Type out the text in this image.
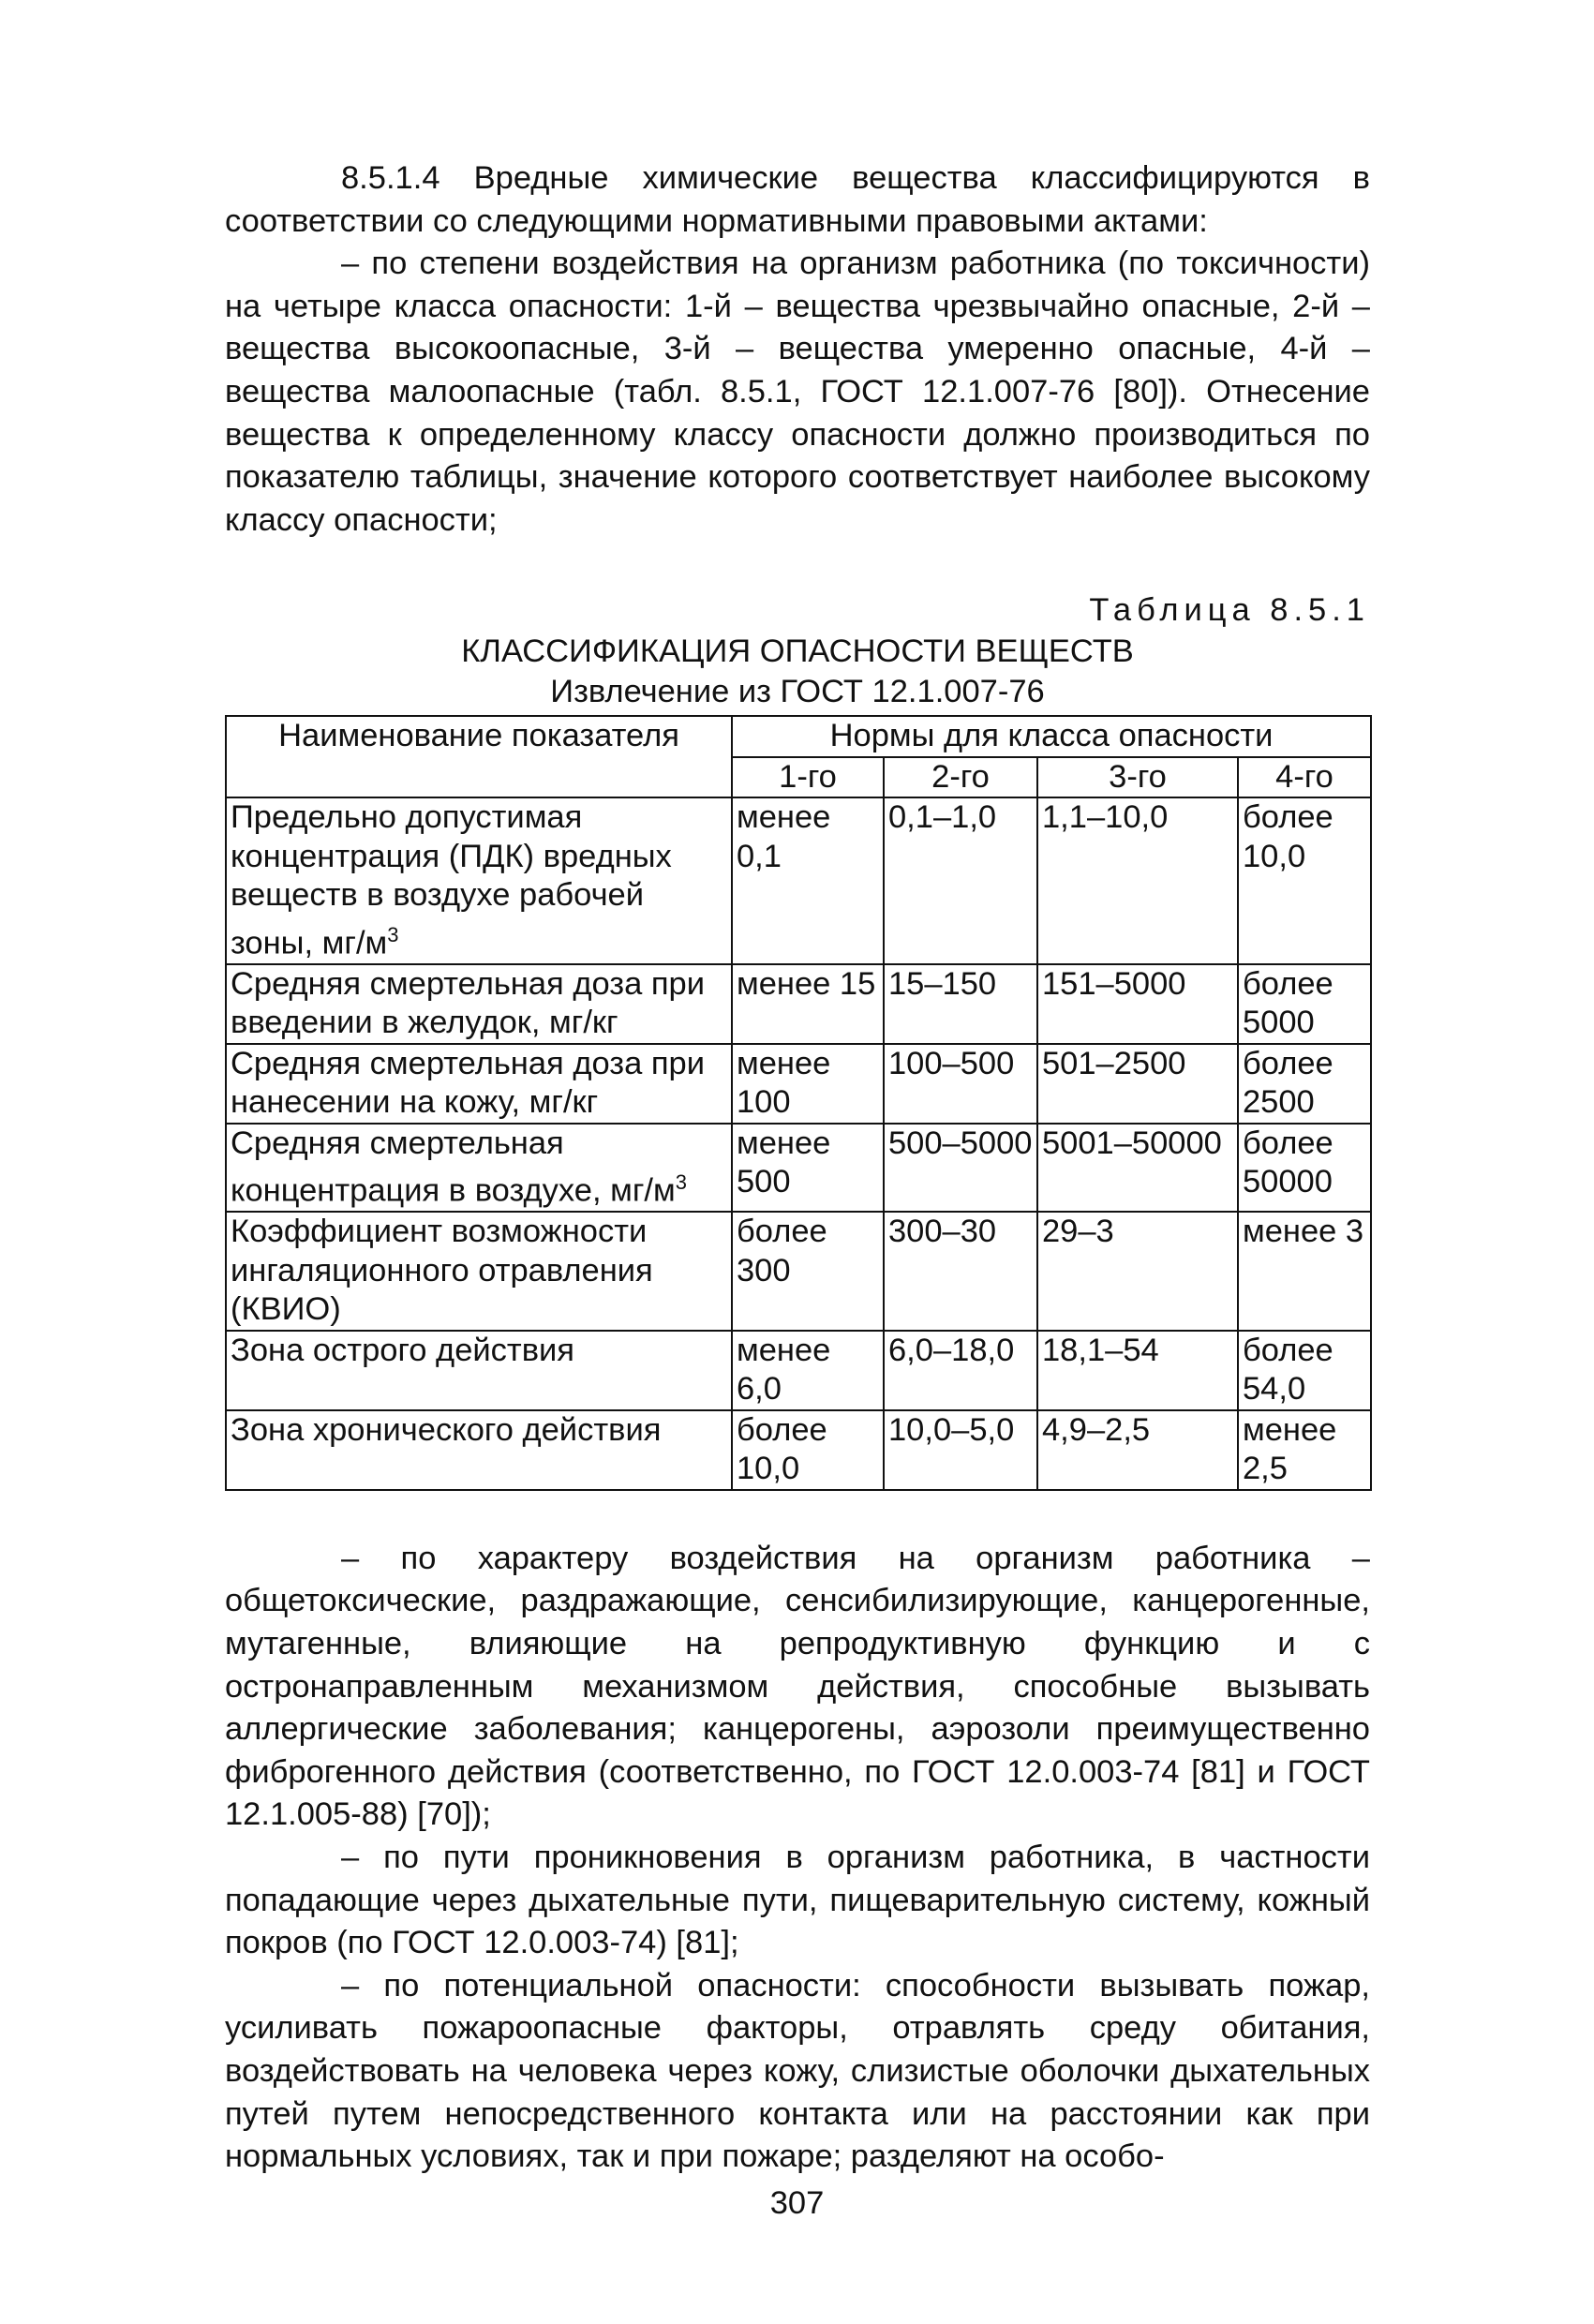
8.5.1.4 Вредные химические вещества классифицируются в соответствии со следующими нормативными правовыми актами:

– по степени воздействия на организм работника (по токсичности) на четыре класса опасности: 1-й – вещества чрезвычайно опасные, 2-й – вещества высокоопасные, 3-й – вещества умеренно опасные, 4-й – вещества малоопасные (табл. 8.5.1, ГОСТ 12.1.007-76 [80]). Отнесение вещества к определенному классу опасности должно производиться по показателю таблицы, значение которого соответствует наиболее высокому классу опасности;

Таблица 8.5.1
КЛАССИФИКАЦИЯ ОПАСНОСТИ ВЕЩЕСТВ
Извлечение из ГОСТ 12.1.007-76
Наименование показателя	Нормы для класса опасности			
	1-го	2-го	3-го	4-го
Предельно допустимая концентрация (ПДК) вредных веществ в воздухе рабочей зоны, $мг/м^3$	менее 0,1	0,1–1,0	1,1–10,0	более 10,0
Средняя смертельная доза при введении в желудок, мг/кг	менее 15	15–150	151–5000	более 5000
Средняя смертельная доза при нанесении на кожу, мг/кг	менее 100	100–500	501–2500	более 2500
Средняя смертельная концентрация в воздухе, $мг/м^3$	менее 500	500–5000	5001–50000	более 50000
Коэффициент возможности ингаляционного отравления (КВИО)	более 300	300–30	29–3	менее 3
Зона острого действия	менее 6,0	6,0–18,0	18,1–54	более 54,0
Зона хронического действия	более 10,0	10,0–5,0	4,9–2,5	менее 2,5

– по характеру воздействия на организм работника – общетоксические, раздражающие, сенсибилизирующие, канцерогенные, мутагенные, влияющие на репродуктивную функцию и с остронаправленным механизмом действия, способные вызывать аллергические заболевания; канцерогены, аэрозоли преимущественно фиброгенного действия (соответственно, по ГОСТ 12.0.003-74 [81] и ГОСТ 12.1.005-88) [70]);

– по пути проникновения в организм работника, в частности попадающие через дыхательные пути, пищеварительную систему, кожный покров (по ГОСТ 12.0.003-74) [81];

– по потенциальной опасности: способности вызывать пожар, усиливать пожароопасные факторы, отравлять среду обитания, воздействовать на человека через кожу, слизистые оболочки дыхательных путей путем непосредственного контакта или на расстоянии как при нормальных условиях, так и при пожаре; разделяют на особо-

307
